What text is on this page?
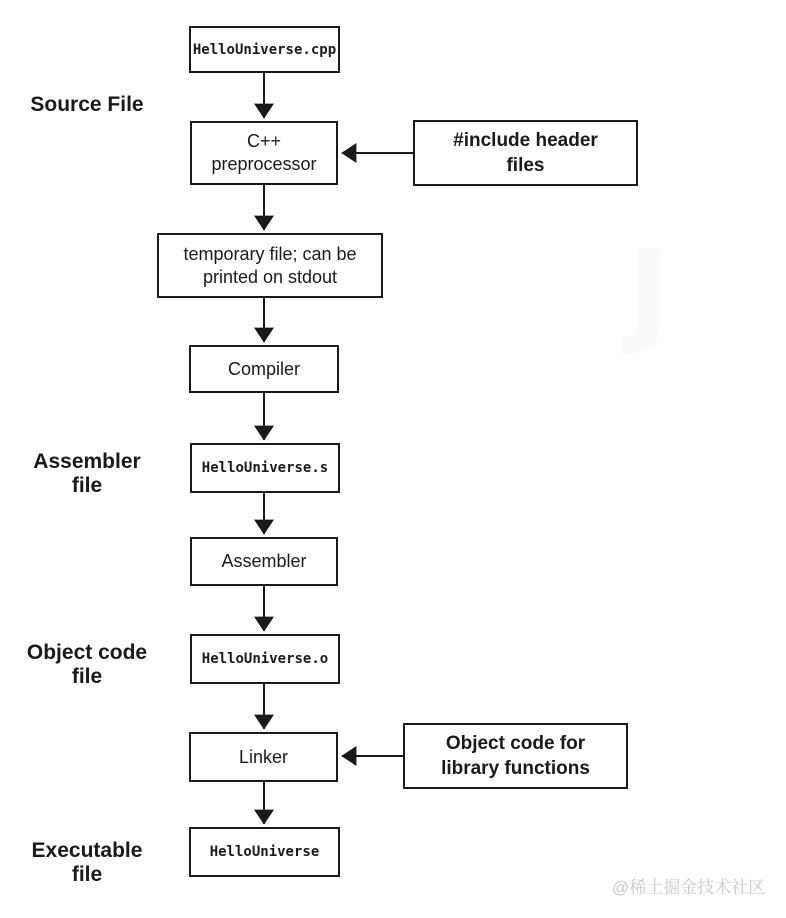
J
HelloUniverse.cpp
C++
preprocessor
temporary file; can be
printed on stdout
Compiler
HelloUniverse.s
Assembler
HelloUniverse.o
Linker
HelloUniverse
#include header
files
Object code for
library functions
Source File
Assembler
file
Object code
file
Executable
file
@稀土掘金技术社区
